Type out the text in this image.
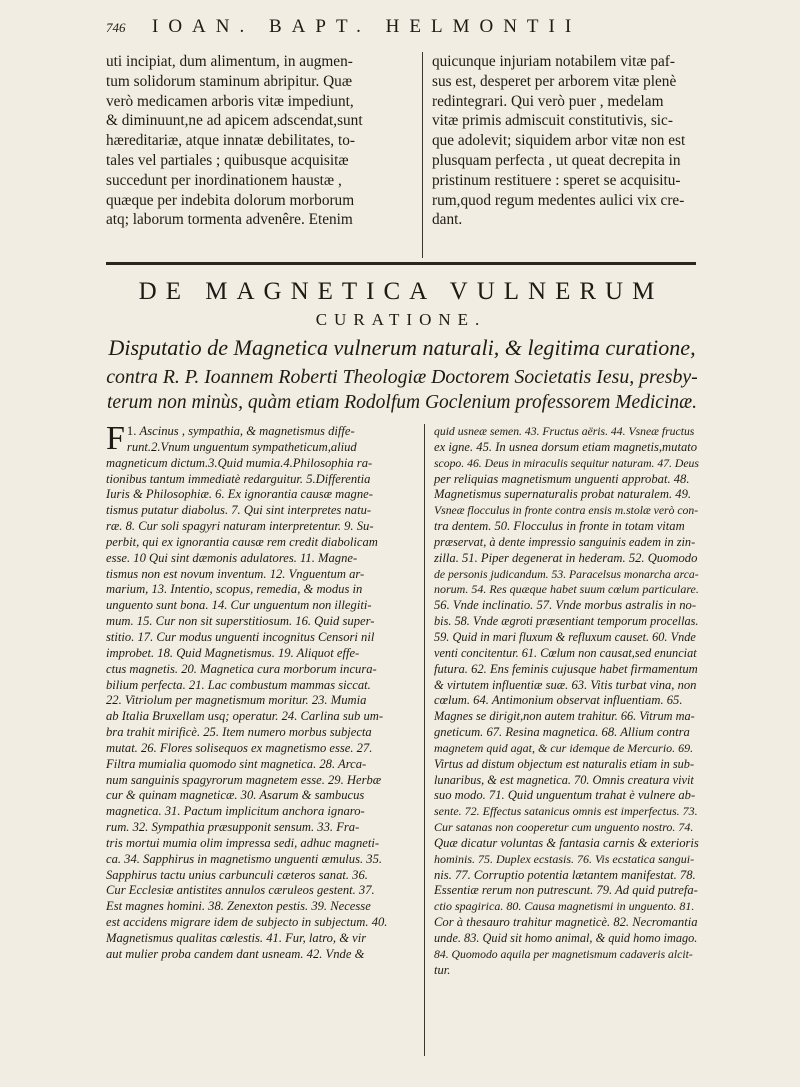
746 IOAN. BAPT. HELMONTII
uti incipiat, dum alimentum, in augmen-
tum solidorum staminum abripitur. Quæ
verò medicamen arboris vitæ impediunt,
& diminuunt,ne ad apicem adscendat,sunt
hæreditariæ, atque innatæ debilitates, to-
tales vel partiales ; quibusque acquisitæ
succedunt per inordinationem haustæ ,
quæque per indebita dolorum morborum
atq; laborum tormenta advenêre. Etenim
quicunque injuriam notabilem vitæ paf-
sus est, desperet per arborem vitæ plenè
redintegrari. Qui verò puer , medelam
vitæ primis admiscuit constitutivis, sic-
que adolevit; siquidem arbor vitæ non est
plusquam perfecta , ut queat decrepita in
pristinum restituere : speret se acquisitu-
rum,quod regum medentes aulici vix cre-
dant.
DE MAGNETICA VULNERUM
CURATIONE.
Disputatio de Magnetica vulnerum naturali, & legitima curatione,
contra R. P. Ioannem Roberti Theologiæ Doctorem Societatis Iesu, presby-
terum non minùs, quàm etiam Rodolfum Goclenium professorem Medicinæ.
1.
F Ascinus , sympathia, & magnetismus diffe-
runt.2.Vnum unguentum sympatheticum,aliud
magneticum dictum.3.Quid mumia.4.Philosophia ra-
tionibus tantum immediatè redarguitur. 5.Differentia
Iuris & Philosophiæ. 6. Ex ignorantia causæ magne-
tismus putatur diabolus. 7. Qui sint interpretes natu-
ræ. 8. Cur soli spagyri naturam interpretentur. 9. Su-
perbit, qui ex ignorantia causæ rem credit diabolicam
esse. 10 Qui sint dæmonis adulatores. 11. Magne-
tismus non est novum inventum. 12. Vnguentum ar-
marium, 13. Intentio, scopus, remedia, & modus in
unguento sunt bona. 14. Cur unguentum non illegiti-
mum. 15. Cur non sit superstitiosum. 16. Quid super-
stitio. 17. Cur modus unguenti incognitus Censori nil
improbet. 18. Quid Magnetismus. 19. Aliquot effe-
ctus magnetis. 20. Magnetica cura morborum incura-
bilium perfecta. 21. Lac combustum mammas siccat.
22. Vitriolum per magnetismum moritur. 23. Mumia
ab Italia Bruxellam usq; operatur. 24. Carlina sub um-
bra trahit mirificè. 25. Item numero morbus subjecta
mutat. 26. Flores solisequos ex magnetismo esse. 27.
Filtra mumialia quomodo sint magnetica. 28. Arca-
num sanguinis spagyrorum magnetem esse. 29. Herbæ
cur & quinam magneticæ. 30. Asarum & sambucus
magnetica. 31. Pactum implicitum anchora ignaro-
rum. 32. Sympathia præsupponit sensum. 33. Fra-
tris mortui mumia olim impressa sedi, adhuc magneti-
ca. 34. Sapphirus in magnetismo unguenti æmulus. 35.
Sapphirus tactu unius carbunculi cæteros sanat. 36.
Cur Ecclesiæ antistites annulos cæruleos gestent. 37.
Est magnes homini. 38. Zenexton pestis. 39. Necesse
est accidens migrare idem de subjecto in subjectum. 40.
Magnetismus qualitas cœlestis. 41. Fur, latro, & vir
aut mulier proba candem dant usneam. 42. Vnde &
quid usneæ semen. 43. Fructus aëris. 44. Vsneæ fructus
ex igne. 45. In usnea dorsum etiam magnetis,mutato
scopo. 46. Deus in miraculis sequitur naturam. 47. Deus
per reliquias magnetismum unguenti approbat. 48.
Magnetismus supernaturalis probat naturalem. 49.
Vsneæ flocculus in fronte contra ensis m.stolæ verò con-
tra dentem. 50. Flocculus in fronte in totam vitam
præservat, à dente impressio sanguinis eadem in zin-
zilla. 51. Piper degenerat in hederam. 52. Quomodo
de personis judicandum. 53. Paracelsus monarcha arca-
norum. 54. Res quæque habet suum cœlum particulare.
56. Vnde inclinatio. 57. Vnde morbus astralis in no-
bis. 58. Vnde ægroti præsentiant temporum procellas.
59. Quid in mari fluxum & refluxum causet. 60. Vnde
venti concitentur. 61. Cœlum non causat,sed enunciat
futura. 62. Ens feminis cujusque habet firmamentum
& virtutem influentiæ suæ. 63. Vitis turbat vina, non
cœlum. 64. Antimonium observat influentiam. 65.
Magnes se dirigit,non autem trahitur. 66. Vitrum ma-
gneticum. 67. Resina magnetica. 68. Allium contra
magnetem quid agat, & cur idemque de Mercurio. 69.
Virtus ad distum objectum est naturalis etiam in sub-
lunaribus, & est magnetica. 70. Omnis creatura vivit
suo modo. 71. Quid unguentum trahat è vulnere ab-
sente. 72. Effectus satanicus omnis est imperfectus. 73.
Cur satanas non cooperetur cum unguento nostro. 74.
Quæ dicatur voluntas & fantasia carnis & exterioris
hominis. 75. Duplex ecstasis. 76. Vis ecstatica sangui-
nis. 77. Corruptio potentia lætantem manifestat. 78.
Essentiæ rerum non putrescunt. 79. Ad quid putrefa-
ctio spagirica. 80. Causa magnetismi in unguento. 81.
Cor à thesauro trahitur magneticè. 82. Necromantia
unde. 83. Quid sit homo animal, & quid homo imago.
84. Quomodo aquila per magnetismum cadaveris alcit-
tur.
